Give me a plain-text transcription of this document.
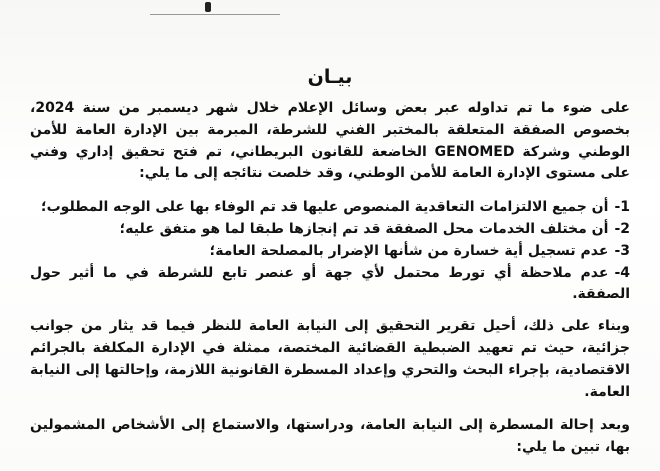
بيـان

على ضوء ما تم تداوله عبر بعض وسائل الإعلام خلال شهر ديسمبر من سنة 2024، بخصوص الصفقة المتعلقة بالمختبر الفني للشرطة، المبرمة بين الإدارة العامة للأمن الوطني وشركة GENOMED الخاضعة للقانون البريطاني، تم فتح تحقيق إداري وفني على مستوى الإدارة العامة للأمن الوطني، وقد خلصت نتائجه إلى ما يلي:

1-أن جميع الالتزامات التعاقدية المنصوص عليها قد تم الوفاء بها على الوجه المطلوب؛
2-أن مختلف الخدمات محل الصفقة قد تم إنجازها طبقا لما هو متفق عليه؛
3-عدم تسجيل أية خسارة من شأنها الإضرار بالمصلحة العامة؛
4-عدم ملاحظة أي تورط محتمل لأي جهة أو عنصر تابع للشرطة في ما أثير حول الصفقة.

وبناء على ذلك، أحيل تقرير التحقيق إلى النيابة العامة للنظر فيما قد يثار من جوانب جزائية، حيث تم تعهيد الضبطية القضائية المختصة، ممثلة في الإدارة المكلفة بالجرائم الاقتصادية، بإجراء البحث والتحري وإعداد المسطرة القانونية اللازمة، وإحالتها إلى النيابة العامة.

وبعد إحالة المسطرة إلى النيابة العامة، ودراستها، والاستماع إلى الأشخاص المشمولين بها، تبين ما يلي:
